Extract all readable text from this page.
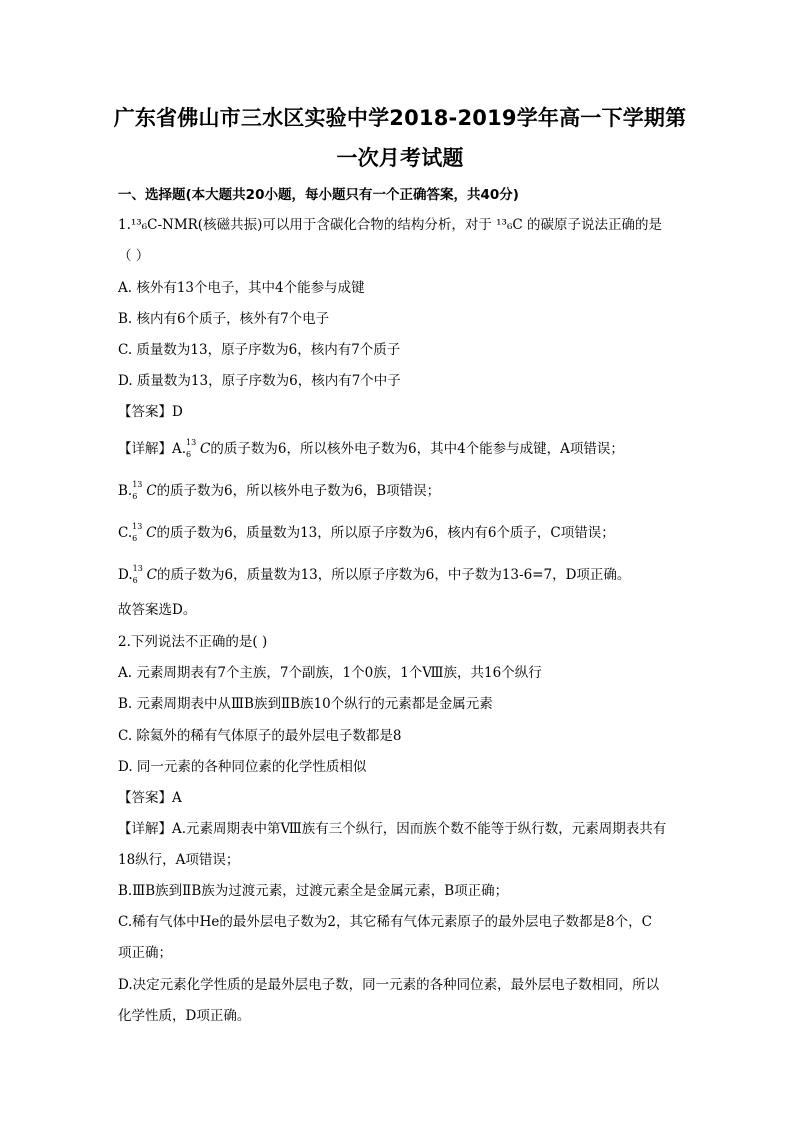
广东省佛山市三水区实验中学2018-2019学年高一下学期第
一次月考试题
一、选择题(本大题共20小题，每小题只有一个正确答案，共40分)
1.¹³₆C-NMR(核磁共振)可以用于含碳化合物的结构分析，对于 ¹³₆C 的碳原子说法正确的是
（ ）
A. 核外有13个电子，其中4个能参与成键
B. 核内有6个质子，核外有7个电子
C. 质量数为13，原子序数为6，核内有7个质子
D. 质量数为13，原子序数为6，核内有7个中子
【答案】D
【详解】A. 13
6 C的质子数为6，所以核外电子数为6，其中4个能参与成键，A项错误；
B. 13
6 C的质子数为6，所以核外电子数为6，B项错误；
C. 13
6 C的质子数为6，质量数为13，所以原子序数为6，核内有6个质子，C项错误；
D. 13
6 C的质子数为6，质量数为13，所以原子序数为6，中子数为13-6=7，D项正确。
故答案选D。
2.下列说法不正确的是( )
A. 元素周期表有7个主族，7个副族，1个0族，1个Ⅷ族，共16个纵行
B. 元素周期表中从ⅢB族到ⅡB族10个纵行的元素都是金属元素
C. 除氦外的稀有气体原子的最外层电子数都是8
D. 同一元素的各种同位素的化学性质相似
【答案】A
【详解】A.元素周期表中第Ⅷ族有三个纵行，因而族个数不能等于纵行数，元素周期表共有
18纵行，A项错误；
B.ⅢB族到ⅡB族为过渡元素，过渡元素全是金属元素，B项正确；
C.稀有气体中He的最外层电子数为2，其它稀有气体元素原子的最外层电子数都是8个，C
项正确；
D.决定元素化学性质的是最外层电子数，同一元素的各种同位素，最外层电子数相同，所以
化学性质，D项正确。
